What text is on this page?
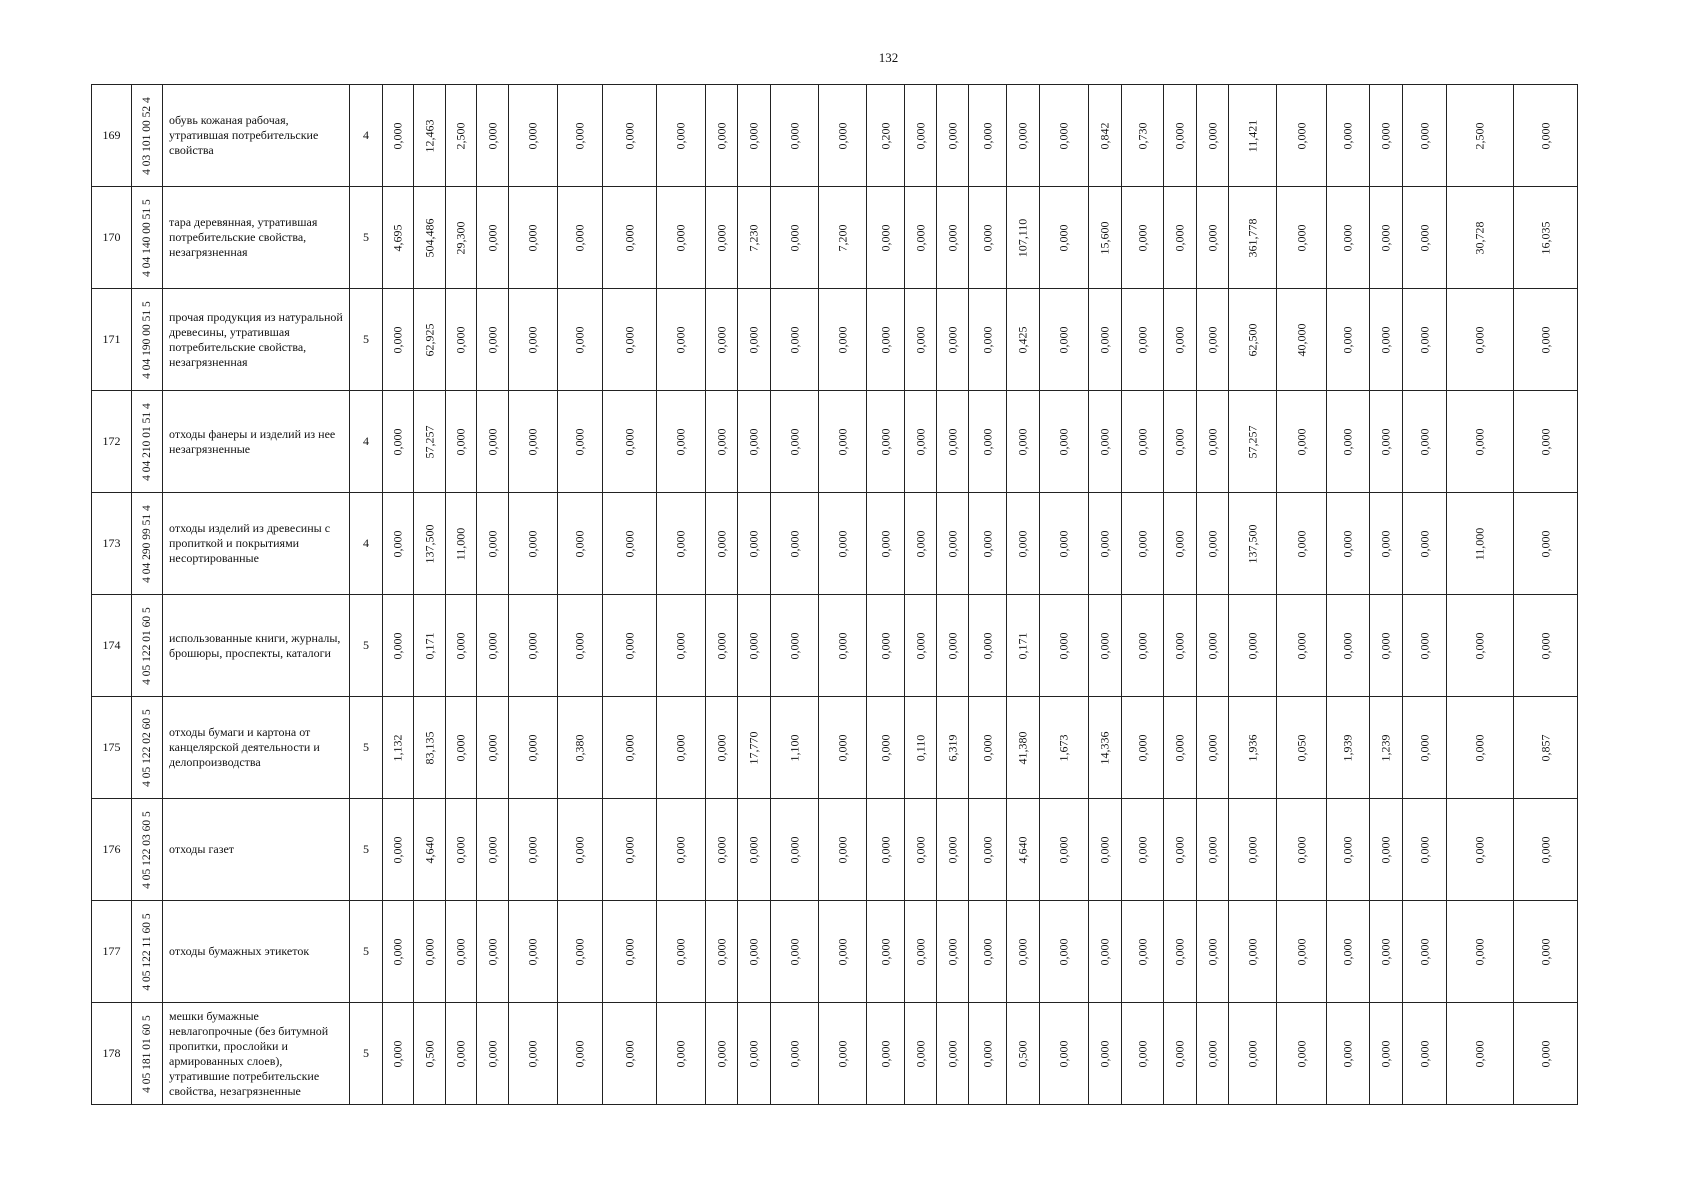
132
169	4 03 101 00 52 4	обувь кожаная рабочая, утратившая потребительские свойства	4	0,000	12,463	2,500	0,000	0,000	0,000	0,000	0,000	0,000	0,000	0,000	0,000	0,200	0,000	0,000	0,000	0,000	0,000	0,842	0,730	0,000	0,000	11,421	0,000	0,000	0,000	0,000	2,500	0,000

170	4 04 140 00 51 5	тара деревянная, утратившая потребительские свойства, незагрязненная	5	4,695	504,486	29,300	0,000	0,000	0,000	0,000	0,000	0,000	7,230	0,000	7,200	0,000	0,000	0,000	0,000	107,110	0,000	15,600	0,000	0,000	0,000	361,778	0,000	0,000	0,000	0,000	30,728	16,035

171	4 04 190 00 51 5	прочая продукция из натуральной древесины, утратившая потребительские свойства, незагрязненная	5	0,000	62,925	0,000	0,000	0,000	0,000	0,000	0,000	0,000	0,000	0,000	0,000	0,000	0,000	0,000	0,000	0,425	0,000	0,000	0,000	0,000	0,000	62,500	40,000	0,000	0,000	0,000	0,000	0,000

172	4 04 210 01 51 4	отходы фанеры и изделий из нее незагрязненные	4	0,000	57,257	0,000	0,000	0,000	0,000	0,000	0,000	0,000	0,000	0,000	0,000	0,000	0,000	0,000	0,000	0,000	0,000	0,000	0,000	0,000	0,000	57,257	0,000	0,000	0,000	0,000	0,000	0,000

173	4 04 290 99 51 4	отходы изделий из древесины с пропиткой и покрытиями несортированные	4	0,000	137,500	11,000	0,000	0,000	0,000	0,000	0,000	0,000	0,000	0,000	0,000	0,000	0,000	0,000	0,000	0,000	0,000	0,000	0,000	0,000	0,000	137,500	0,000	0,000	0,000	0,000	11,000	0,000

174	4 05 122 01 60 5	использованные книги, журналы, брошюры, проспекты, каталоги	5	0,000	0,171	0,000	0,000	0,000	0,000	0,000	0,000	0,000	0,000	0,000	0,000	0,000	0,000	0,000	0,000	0,171	0,000	0,000	0,000	0,000	0,000	0,000	0,000	0,000	0,000	0,000	0,000	0,000

175	4 05 122 02 60 5	отходы бумаги и картона от канцелярской деятельности и делопроизводства	5	1,132	83,135	0,000	0,000	0,000	0,380	0,000	0,000	0,000	17,770	1,100	0,000	0,000	0,110	6,319	0,000	41,380	1,673	14,336	0,000	0,000	0,000	1,936	0,050	1,939	1,239	0,000	0,000	0,857

176	4 05 122 03 60 5	отходы газет	5	0,000	4,640	0,000	0,000	0,000	0,000	0,000	0,000	0,000	0,000	0,000	0,000	0,000	0,000	0,000	0,000	4,640	0,000	0,000	0,000	0,000	0,000	0,000	0,000	0,000	0,000	0,000	0,000	0,000

177	4 05 122 11 60 5	отходы бумажных этикеток	5	0,000	0,000	0,000	0,000	0,000	0,000	0,000	0,000	0,000	0,000	0,000	0,000	0,000	0,000	0,000	0,000	0,000	0,000	0,000	0,000	0,000	0,000	0,000	0,000	0,000	0,000	0,000	0,000	0,000

178	4 05 181 01 60 5	мешки бумажные невлагопрочные (без битумной пропитки, прослойки и армированных слоев), утратившие потребительские свойства, незагрязненные	5	0,000	0,500	0,000	0,000	0,000	0,000	0,000	0,000	0,000	0,000	0,000	0,000	0,000	0,000	0,000	0,000	0,500	0,000	0,000	0,000	0,000	0,000	0,000	0,000	0,000	0,000	0,000	0,000	0,000
